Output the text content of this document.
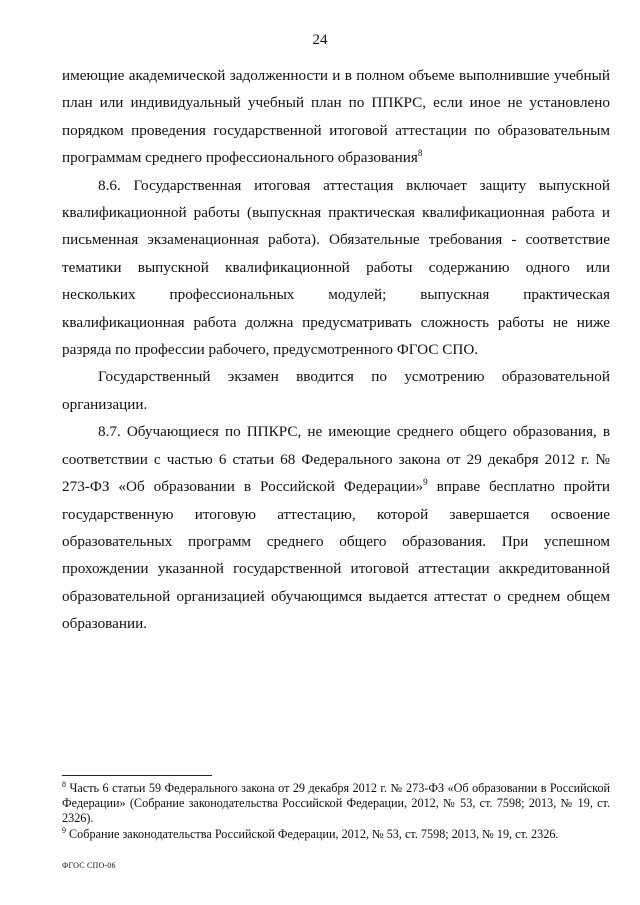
24

имеющие академической задолженности и в полном объеме выполнившие учебный план или индивидуальный учебный план по ППКРС, если иное не установлено порядком проведения государственной итоговой аттестации по образовательным программам среднего профессионального образования$^8$

8.6. Государственная итоговая аттестация включает защиту выпускной квалификационной работы (выпускная практическая квалификационная работа и письменная экзаменационная работа). Обязательные требования - соответствие тематики выпускной квалификационной работы содержанию одного или нескольких профессиональных модулей; выпускная практическая квалификационная работа должна предусматривать сложность работы не ниже разряда по профессии рабочего, предусмотренного ФГОС СПО.

Государственный экзамен вводится по усмотрению образовательной организации.

8.7. Обучающиеся по ППКРС, не имеющие среднего общего образования, в соответствии с частью 6 статьи 68 Федерального закона от 29 декабря 2012 г. № 273-ФЗ «Об образовании в Российской Федерации»$^9$ вправе бесплатно пройти государственную итоговую аттестацию, которой завершается освоение образовательных программ среднего общего образования. При успешном прохождении указанной государственной итоговой аттестации аккредитованной образовательной организацией обучающимся выдается аттестат о среднем общем образовании.

$^8$ Часть 6 статьи 59 Федерального закона от 29 декабря 2012 г. № 273-ФЗ «Об образовании в Российской Федерации» (Собрание законодательства Российской Федерации, 2012, № 53, ст. 7598; 2013, № 19, ст. 2326).

$^9$ Собрание законодательства Российской Федерации, 2012, № 53, ст. 7598; 2013, № 19, ст. 2326.

ФГОС СПО-06
